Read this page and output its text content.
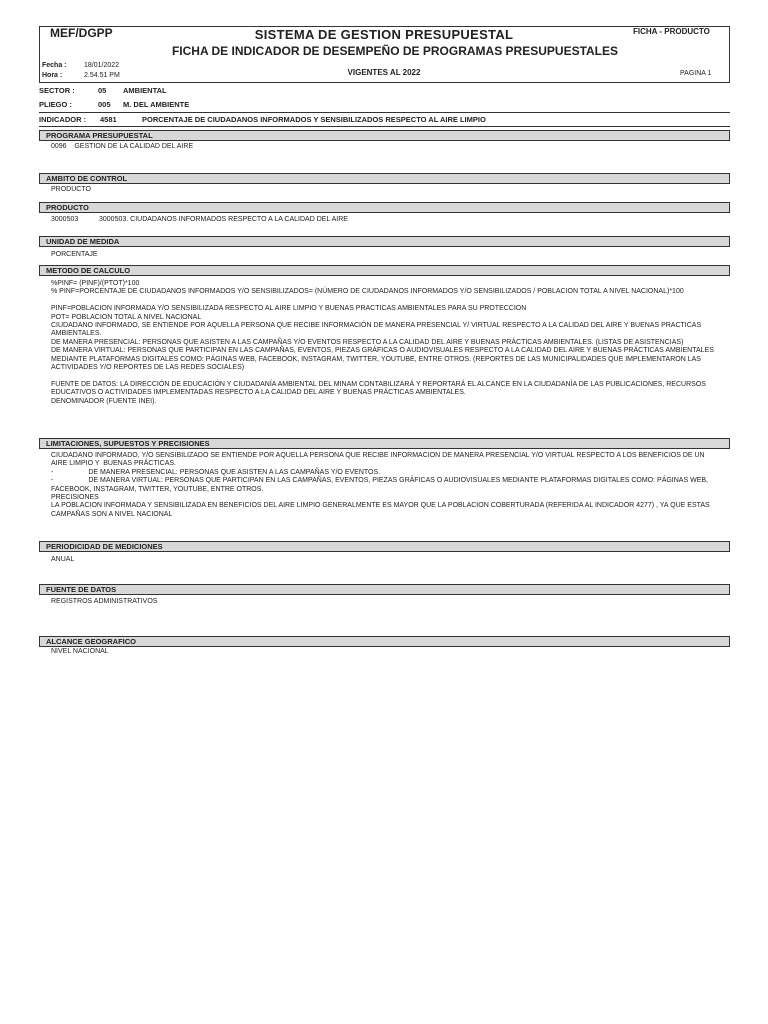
MEF/DGPP	SISTEMA DE GESTION PRESUPUESTAL	FICHA - PRODUCTO
FICHA DE INDICADOR DE DESEMPEÑO DE PROGRAMAS PRESUPUESTALES
Fecha : 18/01/2022
Hora :	2.54.51 PM	VIGENTES AL 2022	PAGINA 1
SECTOR :	05 AMBIENTAL
PLIEGO :	005 M. DEL AMBIENTE
INDICADOR : 4581	PORCENTAJE DE CIUDADANOS INFORMADOS Y SENSIBILIZADOS RESPECTO AL AIRE LIMPIO
PROGRAMA PRESUPUESTAL
0096    GESTION DE LA CALIDAD DEL AIRE
AMBITO DE CONTROL
PRODUCTO
PRODUCTO
3000503	3000503. CIUDADANOS INFORMADOS RESPECTO A LA CALIDAD DEL AIRE
UNIDAD DE MEDIDA
PORCENTAJE
METODO DE CALCULO
%PINF= (PINF)/(PTOT)*100
% PINF=PORCENTAJE DE CIUDADANOS INFORMADOS Y/O SENSIBILIZADOS= (NÚMERO DE CIUDADANOS INFORMADOS Y/O SENSIBILIZADOS / POBLACION TOTAL A NIVEL NACIONAL)*100

PINF=POBLACION INFORMADA Y/O SENSIBILIZADA RESPECTO AL AIRE LIMPIO Y BUENAS PRACTICAS AMBIENTALES PARA SU PROTECCION
POT= POBLACION TOTAL A NIVEL NACIONAL
CIUDADANO INFORMADO, SE ENTIENDE POR AQUELLA PERSONA QUE RECIBE INFORMACIÓN DE MANERA PRESENCIAL Y/ VIRTUAL RESPECTO A LA CALIDAD DEL AIRE Y BUENAS PRACTICAS AMBIENTALES.
DE MANERA PRESENCIAL: PERSONAS QUE ASISTEN A LAS CAMPAÑAS Y/O EVENTOS RESPECTO A LA CALIDAD DEL AIRE Y BUENAS PRÁCTICAS AMBIENTALES. (LISTAS DE ASISTENCIAS)
DE MANERA VIRTUAL: PERSONAS QUE PARTICIPAN EN LAS CAMPAÑAS, EVENTOS, PIEZAS GRÁFICAS O AUDIOVISUALES RESPECTO A LA CALIDAD DEL AIRE Y BUENAS PRÁCTICAS AMBIENTALES MEDIANTE PLATAFORMAS DIGITALES COMO: PÁGINAS WEB, FACEBOOK, INSTAGRAM, TWITTER, YOUTUBE, ENTRE OTROS. (REPORTES DE LAS MUNICIPALIDADES QUE IMPLEMENTARON LAS ACTIVIDADES Y/O REPORTES DE LAS REDES SOCIALES)

FUENTE DE DATOS: LA DIRECCIÓN DE EDUCACIÓN Y CIUDADANÍA AMBIENTAL DEL MINAM CONTABILIZARÁ Y REPORTARÁ EL ALCANCE EN LA CIUDADANÍA DE LAS PUBLICACIONES, RECURSOS EDUCATIVOS O ACTIVIDADES IMPLEMENTADAS RESPECTO A LA CALIDAD DEL AIRE Y BUENAS PRÁCTICAS AMBIENTALES.
DENOMINADOR (FUENTE INEI).
LIMITACIONES, SUPUESTOS Y PRECISIONES
CIUDADANO INFORMADO, Y/O SENSIBILIZADO SE ENTIENDE POR AQUELLA PERSONA QUE RECIBE INFORMACION DE MANERA PRESENCIAL Y/O VIRTUAL RESPECTO A LOS BENEFICIOS DE UN AIRE LIMPIO Y  BUENAS PRÁCTICAS.
-                  DE MANERA PRESENCIAL: PERSONAS QUE ASISTEN A LAS CAMPAÑAS Y/O EVENTOS.
-                  DE MANERA VIRTUAL: PERSONAS QUE PARTICIPAN EN LAS CAMPAÑAS, EVENTOS, PIEZAS GRÁFICAS O AUDIOVISUALES MEDIANTE PLATAFORMAS DIGITALES COMO: PÁGINAS WEB, FACEBOOK, INSTAGRAM, TWITTER, YOUTUBE, ENTRE OTROS.
PRECISIONES
LA POBLACION INFORMADA Y SENSIBILIZADA EN BENEFICIOS DEL AIRE LIMPIO GENERALMENTE ES MAYOR QUE LA POBLACION COBERTURADA (REFERIDA AL INDICADOR 4277) , YA QUE ESTAS CAMPAÑAS SON A NIVEL NACIONAL
PERIODICIDAD DE MEDICIONES
ANUAL
FUENTE DE DATOS
REGISTROS ADMINISTRATIVOS
ALCANCE GEOGRAFICO
NIVEL NACIONAL
